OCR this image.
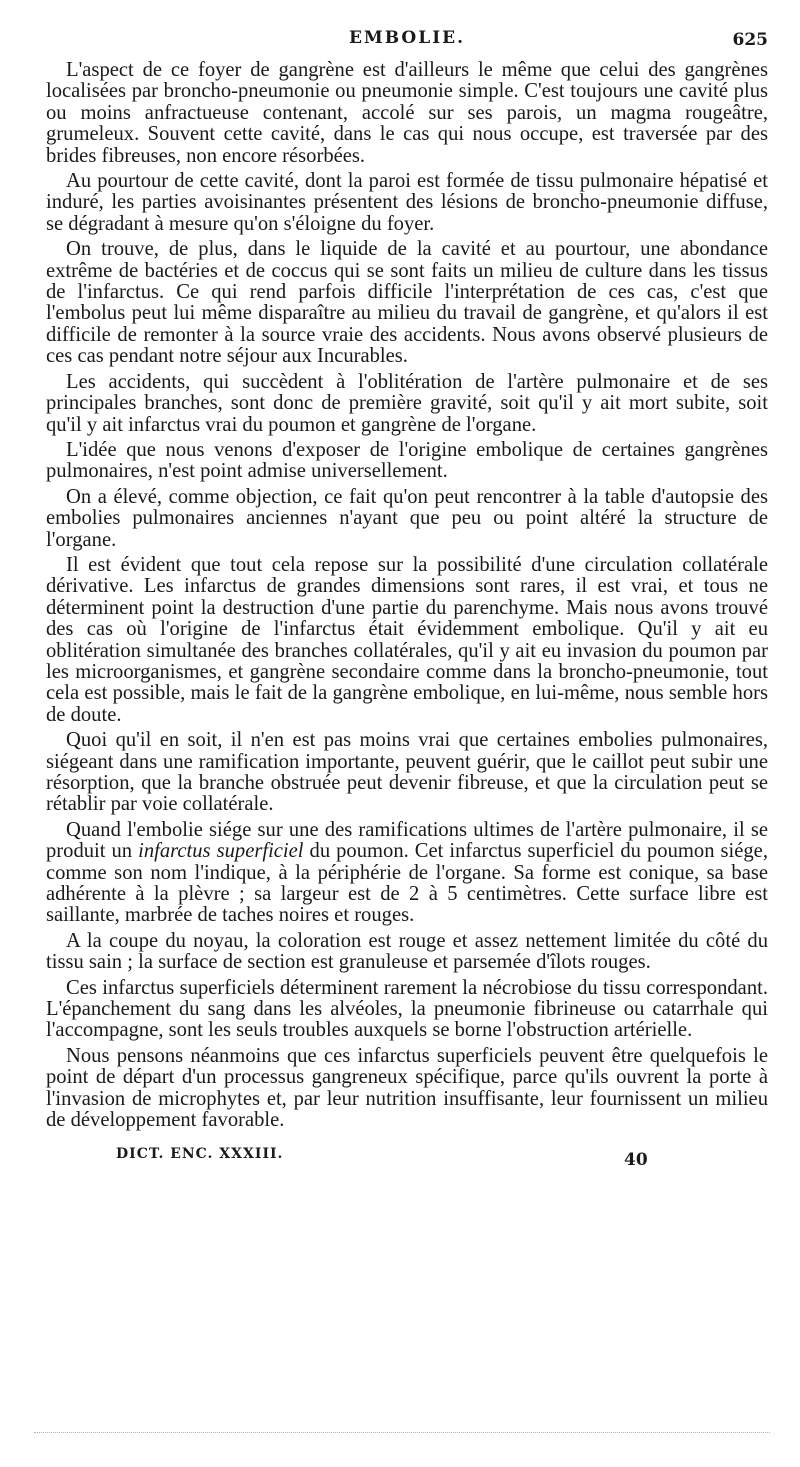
EMBOLIE.	625

L'aspect de ce foyer de gangrène est d'ailleurs le même que celui des gangrènes localisées par broncho-pneumonie ou pneumonie simple. C'est toujours une cavité plus ou moins anfractueuse contenant, accolé sur ses parois, un magma rougeâtre, grumeleux. Souvent cette cavité, dans le cas qui nous occupe, est traversée par des brides fibreuses, non encore résorbées.

Au pourtour de cette cavité, dont la paroi est formée de tissu pulmonaire hépatisé et induré, les parties avoisinantes présentent des lésions de broncho-pneumonie diffuse, se dégradant à mesure qu'on s'éloigne du foyer.

On trouve, de plus, dans le liquide de la cavité et au pourtour, une abondance extrême de bactéries et de coccus qui se sont faits un milieu de culture dans les tissus de l'infarctus. Ce qui rend parfois difficile l'interprétation de ces cas, c'est que l'embolus peut lui même disparaître au milieu du travail de gangrène, et qu'alors il est difficile de remonter à la source vraie des accidents. Nous avons observé plusieurs de ces cas pendant notre séjour aux Incurables.

Les accidents, qui succèdent à l'oblitération de l'artère pulmonaire et de ses principales branches, sont donc de première gravité, soit qu'il y ait mort subite, soit qu'il y ait infarctus vrai du poumon et gangrène de l'organe.

L'idée que nous venons d'exposer de l'origine embolique de certaines gangrènes pulmonaires, n'est point admise universellement.

On a élevé, comme objection, ce fait qu'on peut rencontrer à la table d'autopsie des embolies pulmonaires anciennes n'ayant que peu ou point altéré la structure de l'organe.

Il est évident que tout cela repose sur la possibilité d'une circulation collatérale dérivative. Les infarctus de grandes dimensions sont rares, il est vrai, et tous ne déterminent point la destruction d'une partie du parenchyme. Mais nous avons trouvé des cas où l'origine de l'infarctus était évidemment embolique. Qu'il y ait eu oblitération simultanée des branches collatérales, qu'il y ait eu invasion du poumon par les microorganismes, et gangrène secondaire comme dans la broncho-pneumonie, tout cela est possible, mais le fait de la gangrène embolique, en lui-même, nous semble hors de doute.

Quoi qu'il en soit, il n'en est pas moins vrai que certaines embolies pulmonaires, siégeant dans une ramification importante, peuvent guérir, que le caillot peut subir une résorption, que la branche obstruée peut devenir fibreuse, et que la circulation peut se rétablir par voie collatérale.

Quand l'embolie siége sur une des ramifications ultimes de l'artère pulmonaire, il se produit un infarctus superficiel du poumon. Cet infarctus superficiel du poumon siége, comme son nom l'indique, à la périphérie de l'organe. Sa forme est conique, sa base adhérente à la plèvre ; sa largeur est de 2 à 5 centimètres. Cette surface libre est saillante, marbrée de taches noires et rouges.

A la coupe du noyau, la coloration est rouge et assez nettement limitée du côté du tissu sain ; la surface de section est granuleuse et parsemée d'îlots rouges.

Ces infarctus superficiels déterminent rarement la nécrobiose du tissu correspondant. L'épanchement du sang dans les alvéoles, la pneumonie fibrineuse ou catarrhale qui l'accompagne, sont les seuls troubles auxquels se borne l'obstruction artérielle.

Nous pensons néanmoins que ces infarctus superficiels peuvent être quelquefois le point de départ d'un processus gangreneux spécifique, parce qu'ils ouvrent la porte à l'invasion de microphytes et, par leur nutrition insuffisante, leur fournissent un milieu de développement favorable.

DICT. ENC. XXXIII.	40
